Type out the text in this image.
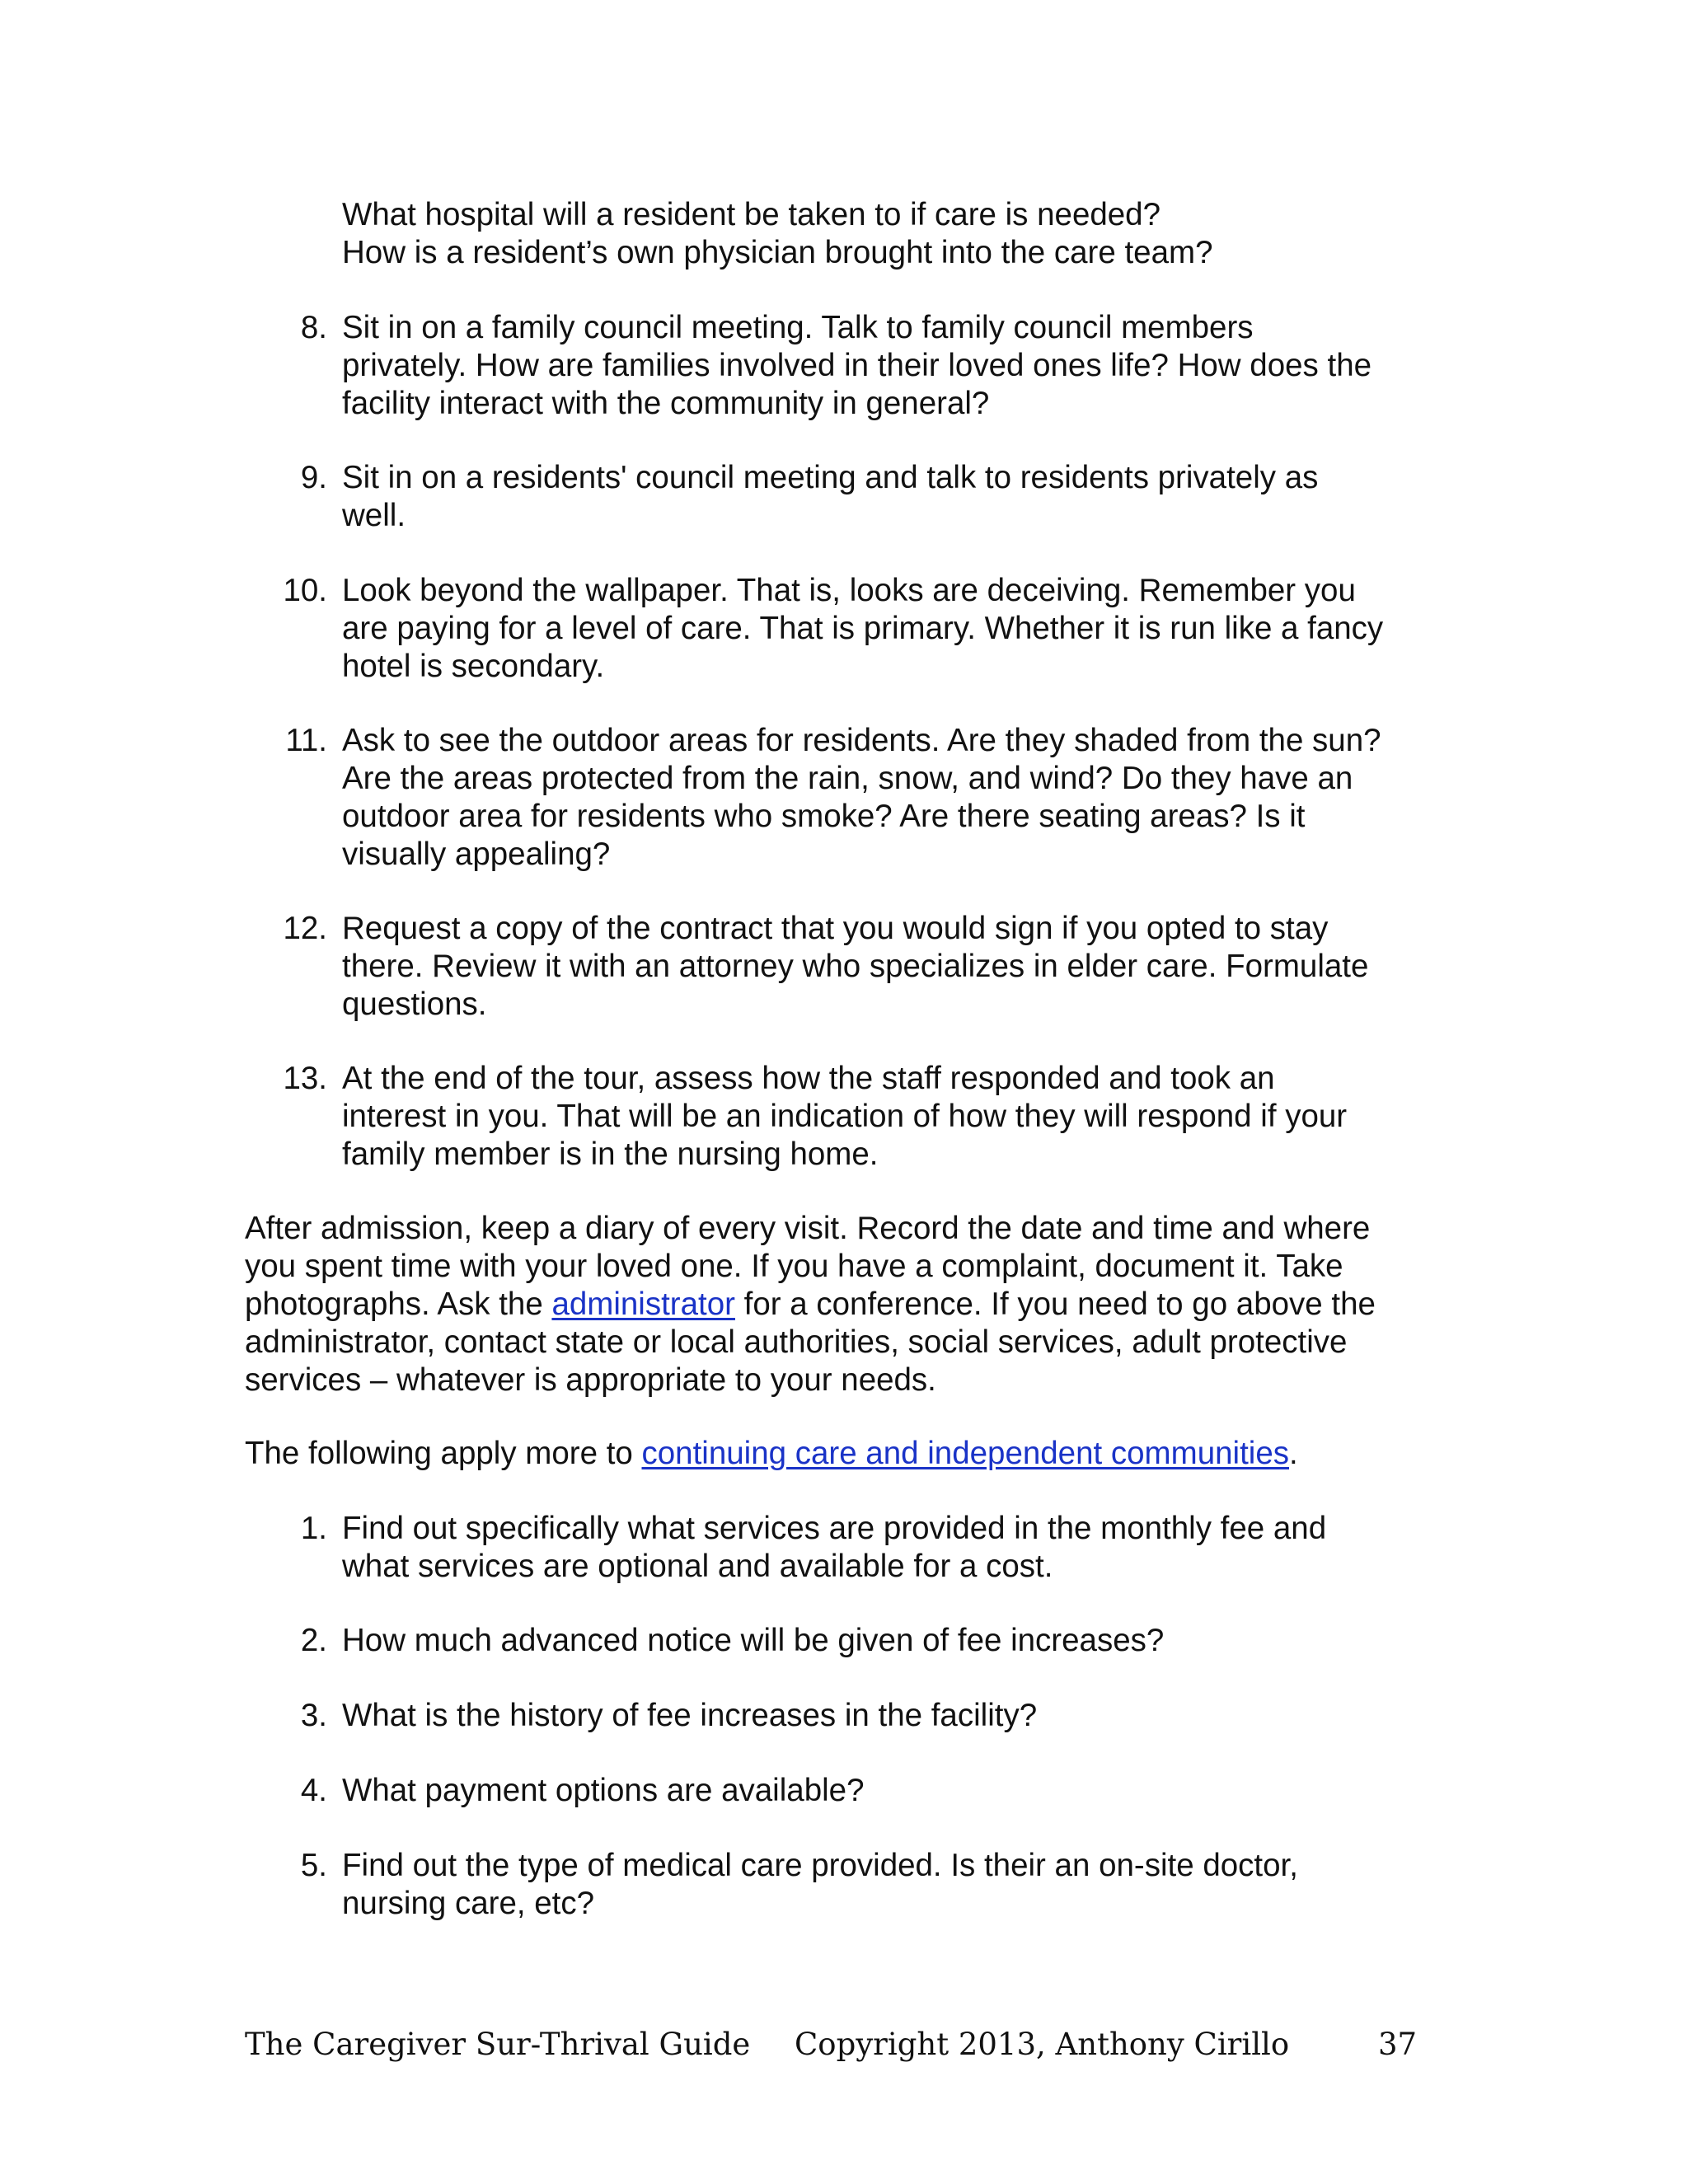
What hospital will a resident be taken to if care is needed?
How is a resident’s own physician brought into the care team?
8. Sit in on a family council meeting. Talk to family council members
privately. How are families involved in their loved ones life? How does the
facility interact with the community in general?
9. Sit in on a residents' council meeting and talk to residents privately as
well.
10. Look beyond the wallpaper. That is, looks are deceiving. Remember you
are paying for a level of care. That is primary. Whether it is run like a fancy
hotel is secondary.
11. Ask to see the outdoor areas for residents. Are they shaded from the sun?
Are the areas protected from the rain, snow, and wind? Do they have an
outdoor area for residents who smoke? Are there seating areas? Is it
visually appealing?
12. Request a copy of the contract that you would sign if you opted to stay
there. Review it with an attorney who specializes in elder care. Formulate
questions.
13. At the end of the tour, assess how the staff responded and took an
interest in you. That will be an indication of how they will respond if your
family member is in the nursing home.
After admission, keep a diary of every visit. Record the date and time and where
you spent time with your loved one. If you have a complaint, document it. Take
photographs. Ask the administrator for a conference. If you need to go above the
administrator, contact state or local authorities, social services, adult protective
services – whatever is appropriate to your needs.
The following apply more to continuing care and independent communities.
1. Find out specifically what services are provided in the monthly fee and
what services are optional and available for a cost.
2. How much advanced notice will be given of fee increases?
3. What is the history of fee increases in the facility?
4. What payment options are available?
5. Find out the type of medical care provided. Is their an on-site doctor,
nursing care, etc?
The Caregiver Sur-Thrival Guide Copyright 2013, Anthony Cirillo	37
